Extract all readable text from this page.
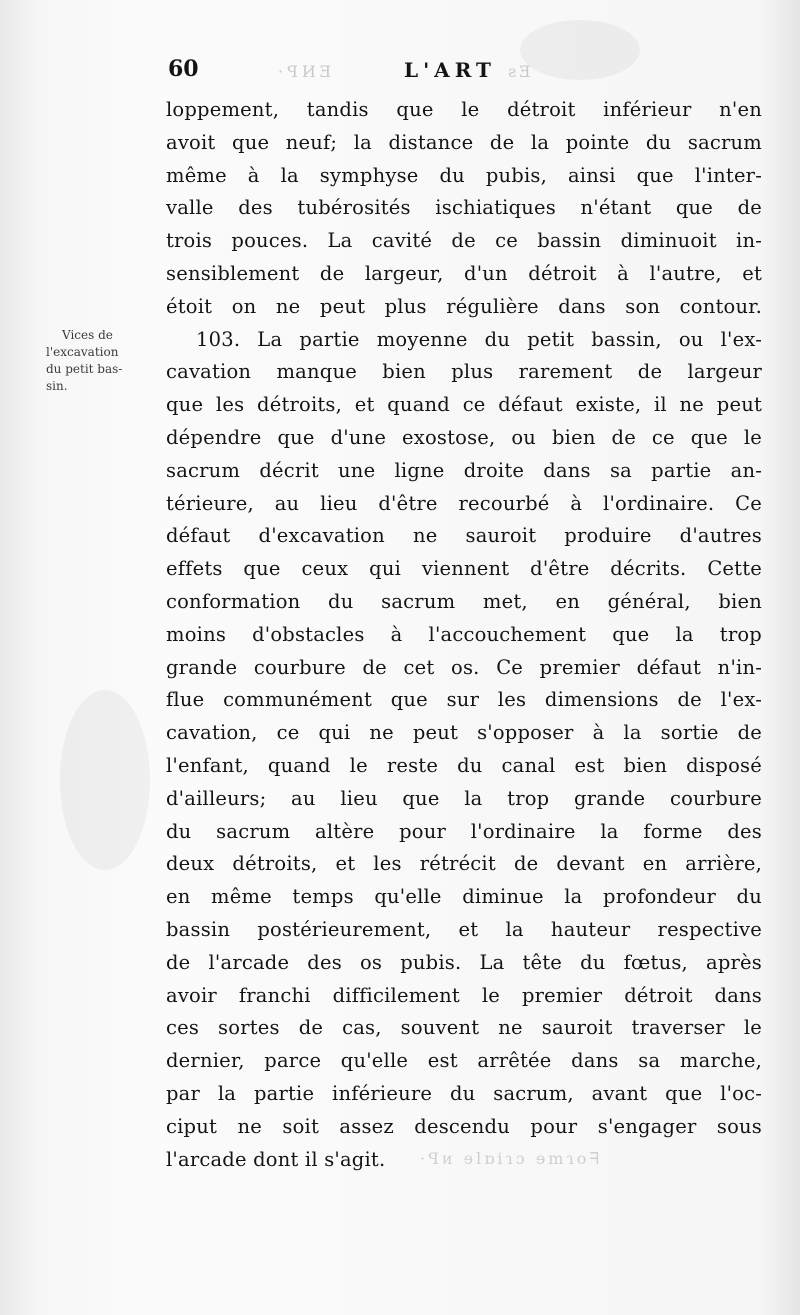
60	·ꟼИƎ	L'ART ƨƎ
Vices de
l'excavation
du petit bas-
sin.
loppement, tandis que le détroit inférieur n'en
avoit que neuf; la distance de la pointe du sacrum
même à la symphyse du pubis, ainsi que l'inter-
valle des tubérosités ischiatiques n'étant que de
trois pouces. La cavité de ce bassin diminuoit in-
sensiblement de largeur, d'un détroit à l'autre, et
étoit on ne peut plus régulière dans son contour.
103. La partie moyenne du petit bassin, ou l'ex-
cavation manque bien plus rarement de largeur
que les détroits, et quand ce défaut existe, il ne peut
dépendre que d'une exostose, ou bien de ce que le
sacrum décrit une ligne droite dans sa partie an-
térieure, au lieu d'être recourbé à l'ordinaire. Ce
défaut d'excavation ne sauroit produire d'autres
effets que ceux qui viennent d'être décrits. Cette
conformation du sacrum met, en général, bien
moins d'obstacles à l'accouchement que la trop
grande courbure de cet os. Ce premier défaut n'in-
flue communément que sur les dimensions de l'ex-
cavation, ce qui ne peut s'opposer à la sortie de
l'enfant, quand le reste du canal est bien disposé
d'ailleurs; au lieu que la trop grande courbure
du sacrum altère pour l'ordinaire la forme des
deux détroits, et les rétrécit de devant en arrière,
en même temps qu'elle diminue la profondeur du
bassin postérieurement, et la hauteur respective
de l'arcade des os pubis. La tête du fœtus, après
avoir franchi difficilement le premier détroit dans
ces sortes de cas, souvent ne sauroit traverser le
dernier, parce qu'elle est arrêtée dans sa marche,
par la partie inférieure du sacrum, avant que l'oc-
ciput ne soit assez descendu pour s'engager sous
l'arcade dont il s'agit.	·ꟼᴎ ɘlɒiɿɔ ɘmɿoᖷ
